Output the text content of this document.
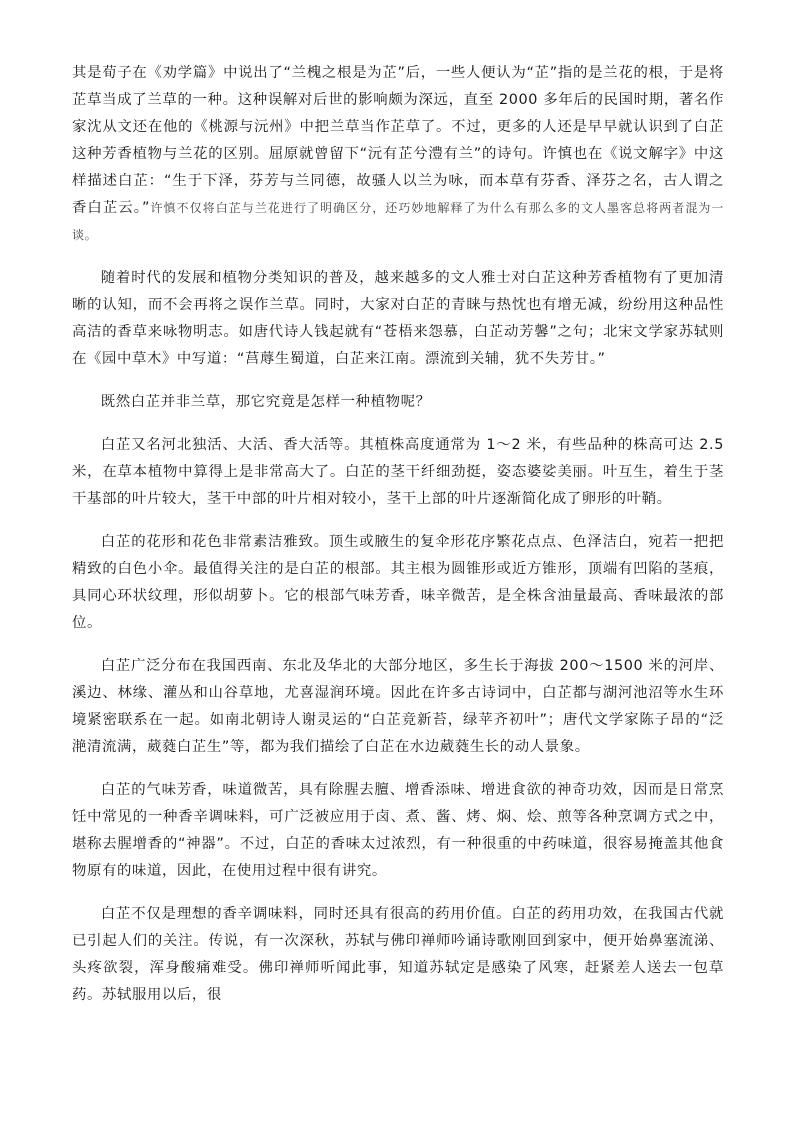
其是荀子在《劝学篇》中说出了“兰槐之根是为芷”后，一些人便认为“芷”指的是兰花的根，于是将芷草当成了兰草的一种。这种误解对后世的影响颇为深远，直至 2000 多年后的民国时期，著名作家沈从文还在他的《桃源与沅州》中把兰草当作芷草了。不过，更多的人还是早早就认识到了白芷这种芳香植物与兰花的区别。屈原就曾留下“沅有芷兮澧有兰”的诗句。许慎也在《说文解字》中这样描述白芷：“生于下泽，芬芳与兰同德，故骚人以兰为咏，而本草有芬香、泽芬之名，古人谓之香白芷云。”许慎不仅将白芷与兰花进行了明确区分，还巧妙地解释了为什么有那么多的文人墨客总将两者混为一谈。

随着时代的发展和植物分类知识的普及，越来越多的文人雅士对白芷这种芳香植物有了更加清晰的认知，而不会再将之误作兰草。同时，大家对白芷的青睐与热忱也有增无减，纷纷用这种品性高洁的香草来咏物明志。如唐代诗人钱起就有“苍梧来怨慕，白芷动芳馨”之句；北宋文学家苏轼则在《园中草木》中写道：“莒蓐生蜀道，白芷来江南。漂流到关辅，犹不失芳甘。”

既然白芷并非兰草，那它究竟是怎样一种植物呢？

白芷又名河北独活、大活、香大活等。其植株高度通常为 1～2 米，有些品种的株高可达 2.5 米，在草本植物中算得上是非常高大了。白芷的茎干纤细劲挺，姿态婆娑美丽。叶互生，着生于茎干基部的叶片较大，茎干中部的叶片相对较小，茎干上部的叶片逐渐简化成了卵形的叶鞘。

白芷的花形和花色非常素洁雅致。顶生或腋生的复伞形花序繁花点点、色泽洁白，宛若一把把精致的白色小伞。最值得关注的是白芷的根部。其主根为圆锥形或近方锥形，顶端有凹陷的茎痕，具同心环状纹理，形似胡萝卜。它的根部气味芳香，味辛微苦，是全株含油量最高、香味最浓的部位。

白芷广泛分布在我国西南、东北及华北的大部分地区，多生长于海拔 200～1500 米的河岸、溪边、林缘、灌丛和山谷草地，尤喜湿润环境。因此在许多古诗词中，白芷都与湖河池沼等水生环境紧密联系在一起。如南北朝诗人谢灵运的“白芷竞新苔，绿苹齐初叶”；唐代文学家陈子昂的“泛滟清流满，葳蕤白芷生”等，都为我们描绘了白芷在水边葳蕤生长的动人景象。

白芷的气味芳香，味道微苦，具有除腥去膻、增香添味、增进食欲的神奇功效，因而是日常烹饪中常见的一种香辛调味料，可广泛被应用于卤、煮、酱、烤、焖、烩、煎等各种烹调方式之中，堪称去腥增香的“神器”。不过，白芷的香味太过浓烈，有一种很重的中药味道，很容易掩盖其他食物原有的味道，因此，在使用过程中很有讲究。

白芷不仅是理想的香辛调味料，同时还具有很高的药用价值。白芷的药用功效，在我国古代就已引起人们的关注。传说，有一次深秋，苏轼与佛印禅师吟诵诗歌刚回到家中，便开始鼻塞流涕、头疼欲裂，浑身酸痛难受。佛印禅师听闻此事，知道苏轼定是感染了风寒，赶紧差人送去一包草药。苏轼服用以后，很
